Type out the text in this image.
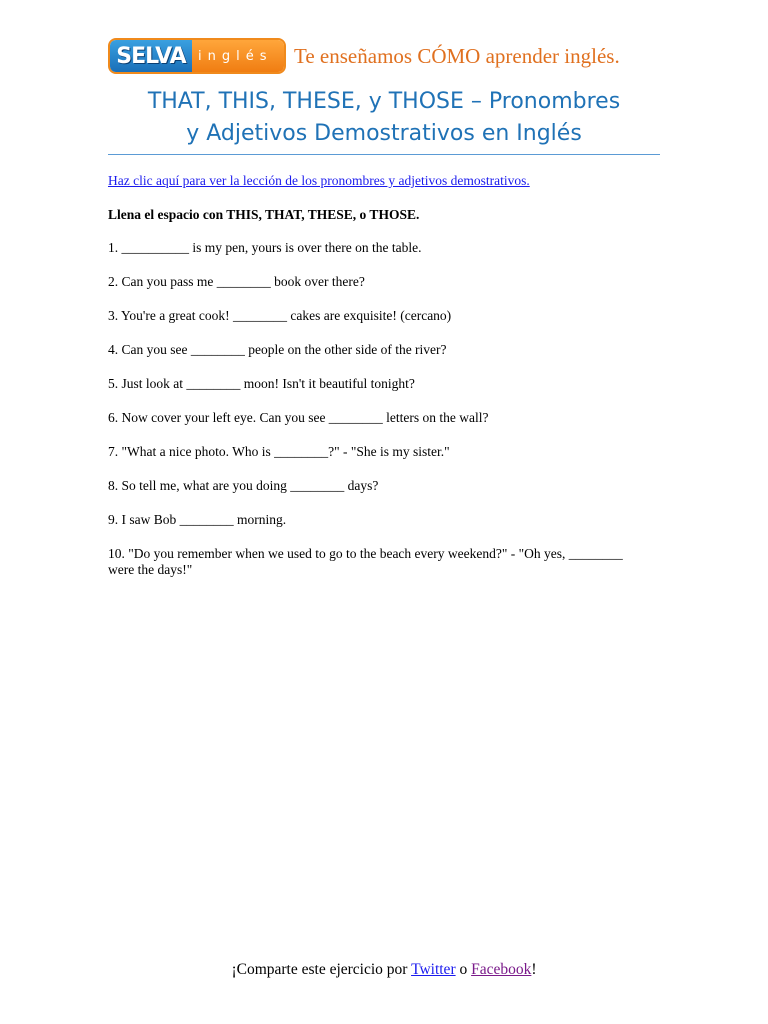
SELVA inglés	Te enseñamos CÓMO aprender inglés.
THAT, THIS, THESE, y THOSE – Pronombres
y Adjetivos Demostrativos en Inglés
Haz clic aquí para ver la lección de los pronombres y adjetivos demostrativos.
Llena el espacio con THIS, THAT, THESE, o THOSE.
1. __________ is my pen, yours is over there on the table.
2. Can you pass me ________ book over there?
3. You're a great cook! ________ cakes are exquisite! (cercano)
4. Can you see ________ people on the other side of the river?
5. Just look at ________ moon! Isn't it beautiful tonight?
6. Now cover your left eye. Can you see ________ letters on the wall?
7. "What a nice photo. Who is ________?" - "She is my sister."
8. So tell me, what are you doing ________ days?
9. I saw Bob ________ morning.
10. "Do you remember when we used to go to the beach every weekend?" - "Oh yes, ________ were the days!"
¡Comparte este ejercicio por Twitter o Facebook!
